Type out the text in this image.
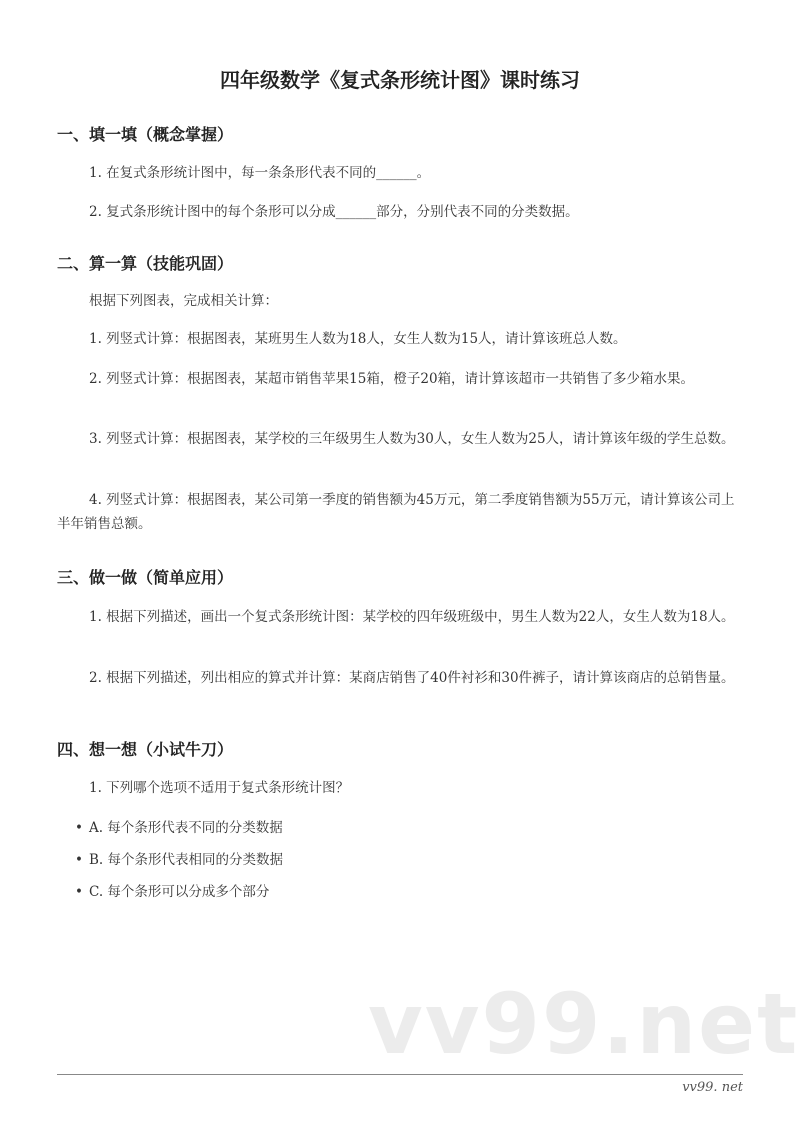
四年级数学《复式条形统计图》课时练习
一、填一填（概念掌握）
1. 在复式条形统计图中，每一条条形代表不同的______。
2. 复式条形统计图中的每个条形可以分成______部分，分别代表不同的分类数据。
二、算一算（技能巩固）
根据下列图表，完成相关计算：
1. 列竖式计算：根据图表，某班男生人数为18人，女生人数为15人，请计算该班总人数。
2. 列竖式计算：根据图表，某超市销售苹果15箱，橙子20箱，请计算该超市一共销售了多少箱水果。
3. 列竖式计算：根据图表，某学校的三年级男生人数为30人，女生人数为25人，请计算该年级的学生总数。
4. 列竖式计算：根据图表，某公司第一季度的销售额为45万元，第二季度销售额为55万元，请计算该公司上半年销售总额。
三、做一做（简单应用）
1. 根据下列描述，画出一个复式条形统计图：某学校的四年级班级中，男生人数为22人，女生人数为18人。
2. 根据下列描述，列出相应的算式并计算：某商店销售了40件衬衫和30件裤子，请计算该商店的总销售量。
四、想一想（小试牛刀）
1. 下列哪个选项不适用于复式条形统计图？
• A. 每个条形代表不同的分类数据
• B. 每个条形代表相同的分类数据
• C. 每个条形可以分成多个部分
vv99.net
vv99. net
